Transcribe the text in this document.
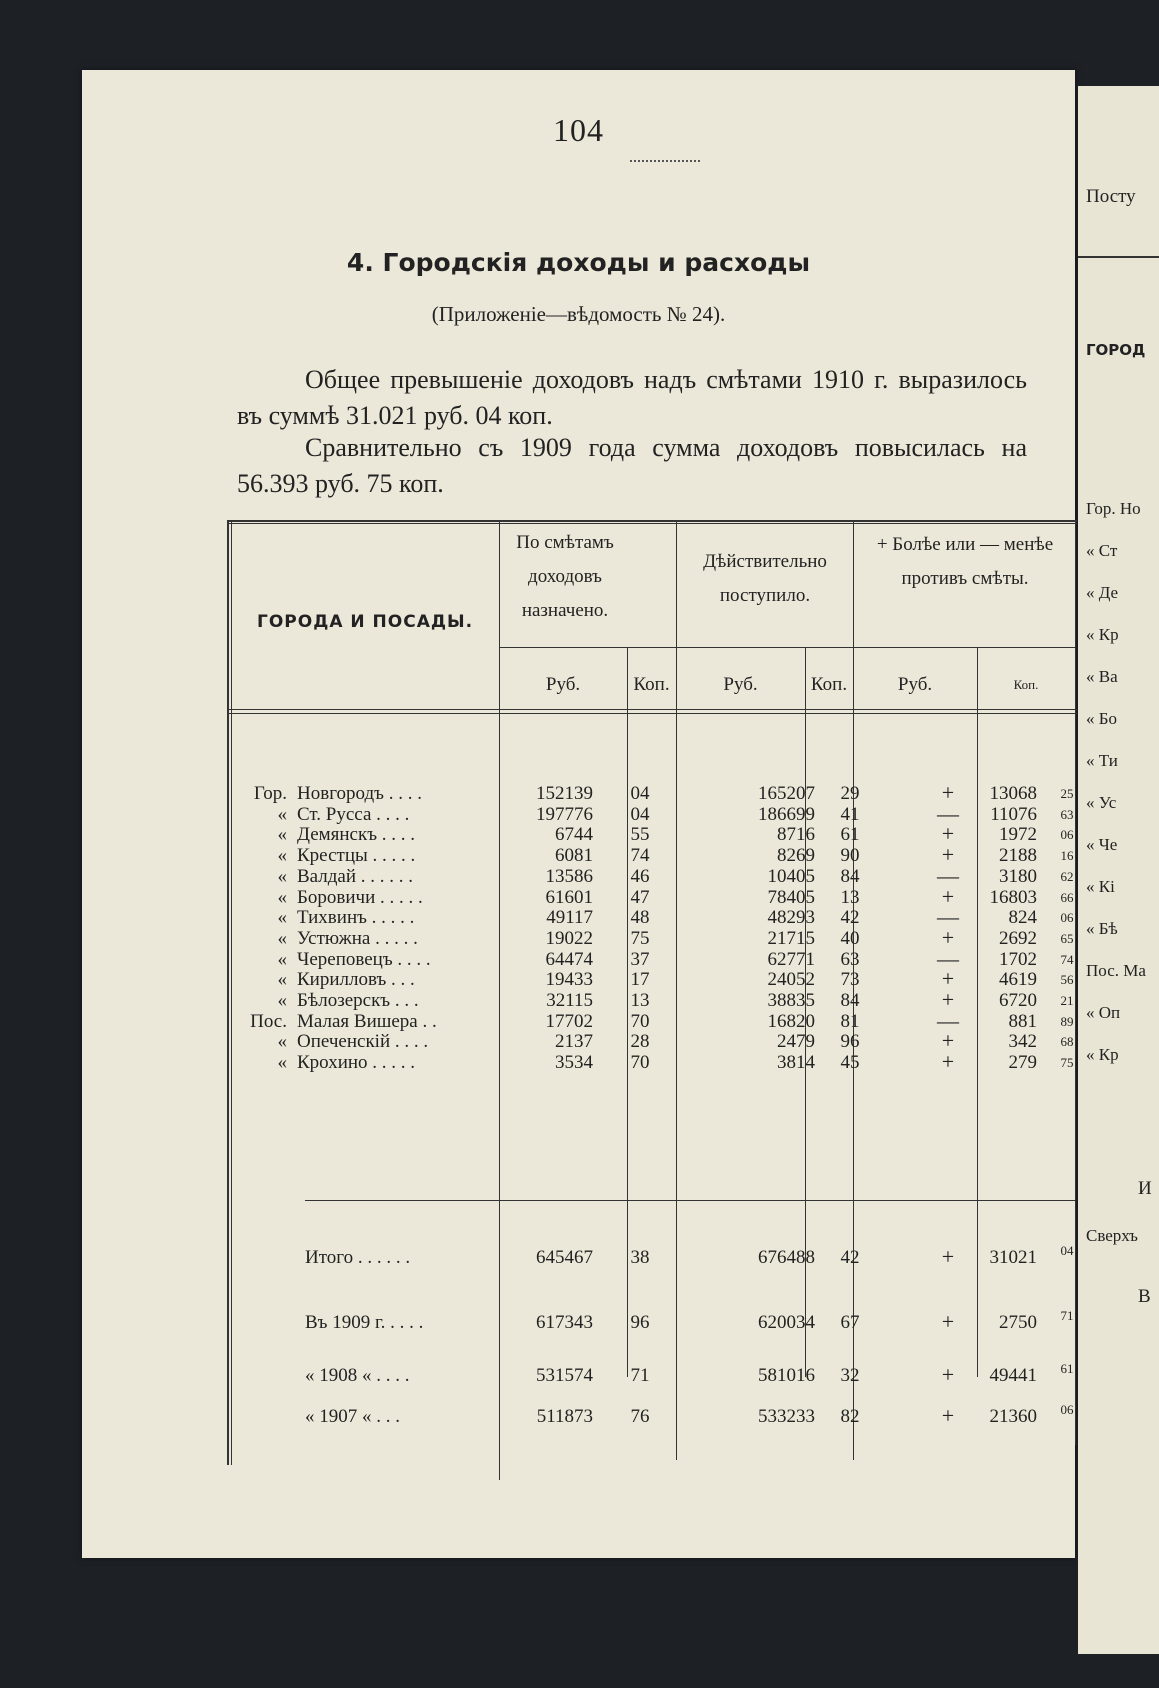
104
4. Городскія доходы и расходы
(Приложеніе—вѣдомость № 24).
Общее превышеніе доходовъ надъ смѣтами 1910 г. выразилось въ суммѣ 31.021 руб. 04 коп.
Сравнительно съ 1909 года сумма доходовъ повысилась на 56.393 руб. 75 коп.
ГОРОДА И ПОСАДЫ.
По смѣтамъ доходовъ назначено.
Дѣйствительно поступило.
+ Болѣе или — менѣе противъ смѣты.
Руб.	Коп.	Руб.	Коп.	Руб.	Коп.
Гор. Новгородъ . . . .	152139 04	165207 29	+	13068 25
« Ст. Русса . . . .	197776 04	186699 41	—	11076 63
« Демянскъ . . . .	6744 55	8716 61	+	1972 06
« Крестцы . . . . .	6081 74	8269 90	+	2188 16
« Валдай . . . . . .	13586 46	10405 84	—	3180 62
« Боровичи . . . . .	61601 47	78405 13	+	16803 66
« Тихвинъ . . . . .	49117 48	48293 42	—	824 06
« Устюжна . . . . .	19022 75	21715 40	+	2692 65
« Череповецъ . . . .	64474 37	62771 63	—	1702 74
« Кирилловъ . . .	19433 17	24052 73	+	4619 56
« Бѣлозерскъ . . .	32115 13	38835 84	+	6720 21
Пос. Малая Вишера . .	17702 70	16820 81	—	881 89
« Опеченскій . . . .	2137 28	2479 96	+	342 68
« Крохино . . . . .	3534 70	3814 45	+	279 75
Итого . . . . . .	645467 38	676488 42	+	31021 04
Въ 1909 г. . . . .	617343 96	620034 67	+	2750 71
« 1908 « . . . .	531574 71	581016 32	+	49441 61
« 1907 « . . .	511873 76	533233 82	+	21360 06
Посту
ГОРОД
Гор. Но
« Ст
« Де
« Кр
« Ва
« Бо
« Ти
« Ус
« Че
« Кі
« Бѣ
Пос. Ма
« Оп
« Кр
И
Сверхъ
В
